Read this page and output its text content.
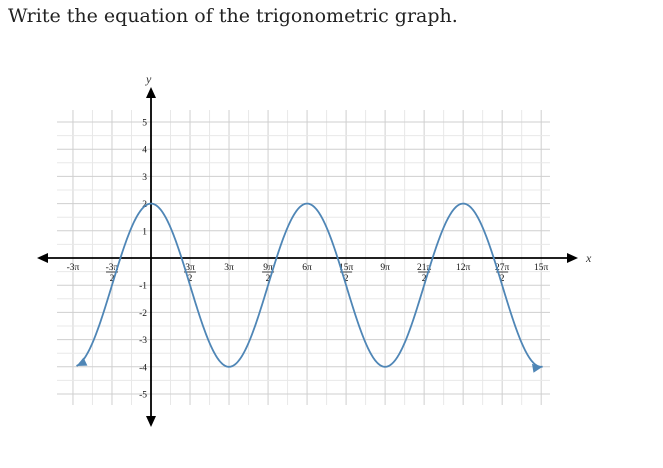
Write the equation of the trigonometric graph.
x
y
-5
-4
-2
-3
-1
1
2
3
4
5
-3π	-3π
2
3π
2
3π	9π
2
6π	15π
2
9π	21π
2
12π	27π
2
15π
